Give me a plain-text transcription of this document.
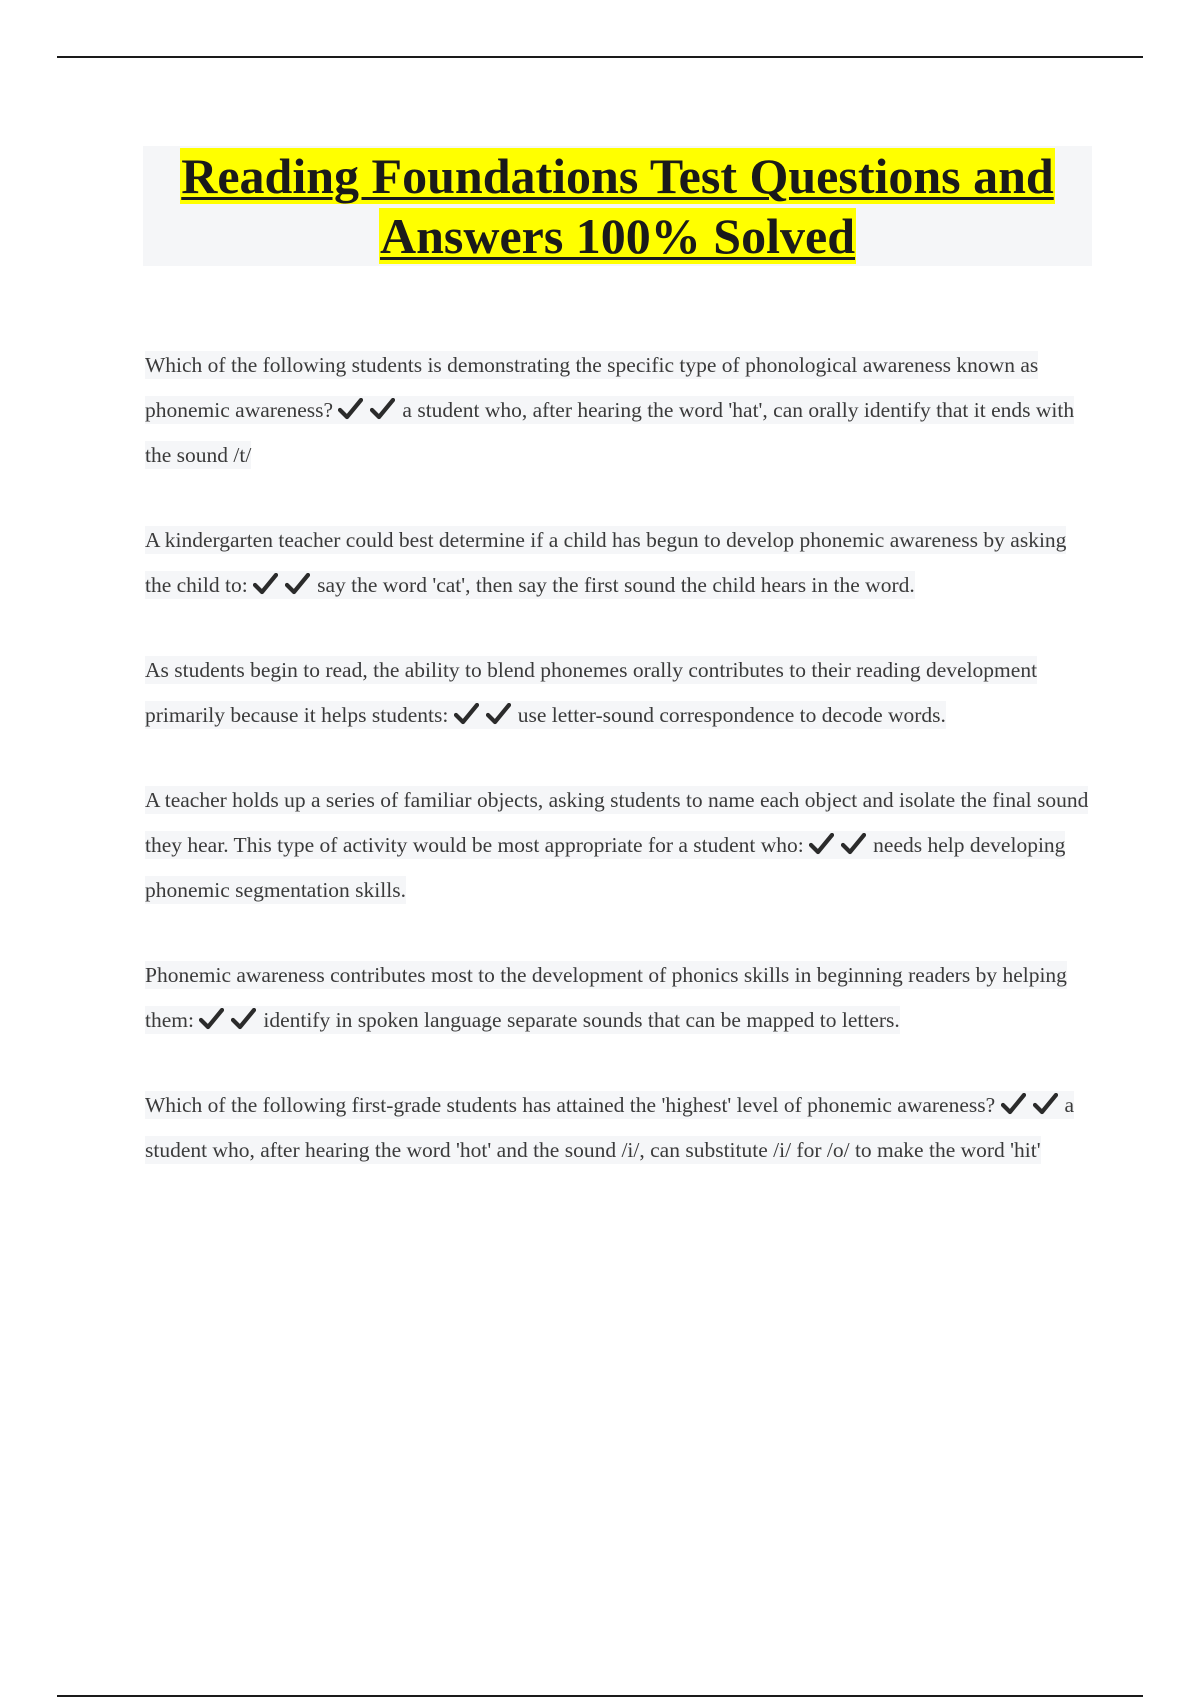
Reading Foundations Test Questions and Answers 100% Solved

Which of the following students is demonstrating the specific type of phonological awareness known as phonemic awareness?	a student who, after hearing the word 'hat', can orally identify that it ends with the sound /t/

A kindergarten teacher could best determine if a child has begun to develop phonemic awareness by asking the child to:	say the word 'cat', then say the first sound the child hears in the word.

As students begin to read, the ability to blend phonemes orally contributes to their reading development primarily because it helps students:	use letter-sound correspondence to decode words.

A teacher holds up a series of familiar objects, asking students to name each object and isolate the final sound they hear. This type of activity would be most appropriate for a student who:	needs help developing phonemic segmentation skills.

Phonemic awareness contributes most to the development of phonics skills in beginning readers by helping them:	identify in spoken language separate sounds that can be mapped to letters.

Which of the following first-grade students has attained the 'highest' level of phonemic awareness?	a student who, after hearing the word 'hot' and the sound /i/, can substitute /i/ for /o/ to make the word 'hit'
